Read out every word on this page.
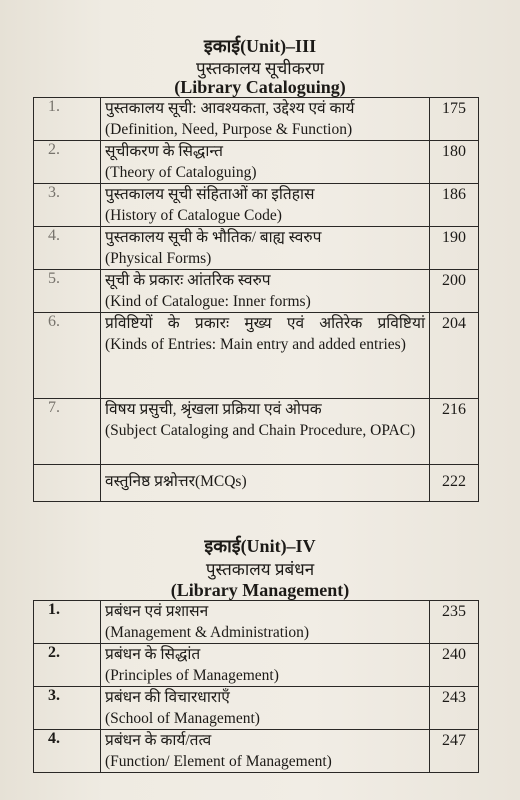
इकाई(Unit)–III
पुस्तकालय सूचीकरण
(Library Cataloguing)
1.	पुस्तकालय सूची: आवश्यकता, उद्देश्य एवं कार्य
(Definition, Need, Purpose & Function)	175
2.	सूचीकरण के सिद्धान्त
(Theory of Cataloguing)	180
3.	पुस्तकालय सूची संहिताओं का इतिहास
(History of Catalogue Code)	186
4.	पुस्तकालय सूची के भौतिक/ बाह्य स्वरुप
(Physical Forms)	190
5.	सूची के प्रकारः आंतरिक स्वरुप
(Kind of Catalogue: Inner forms)	200
6.	प्रविष्टियों के प्रकारः मुख्य एवं अतिरेक प्रविष्टियां
(Kinds of Entries: Main entry and added entries)	204
7.	विषय प्रसुची, श्रृंखला प्रक्रिया एवं ओपक
(Subject Cataloging and Chain Procedure, OPAC)	216

	वस्तुनिष्ठ प्रश्नोत्तर(MCQs)	222
इकाई(Unit)–IV
पुस्तकालय प्रबंधन
(Library Management)
1.	प्रबंधन एवं प्रशासन
(Management & Administration)	235
2.	प्रबंधन के सिद्धांत
(Principles of Management)	240
3.	प्रबंधन की विचारधाराएँ
(School of Management)	243
4.	प्रबंधन के कार्य/तत्व
(Function/ Element of Management)	247
